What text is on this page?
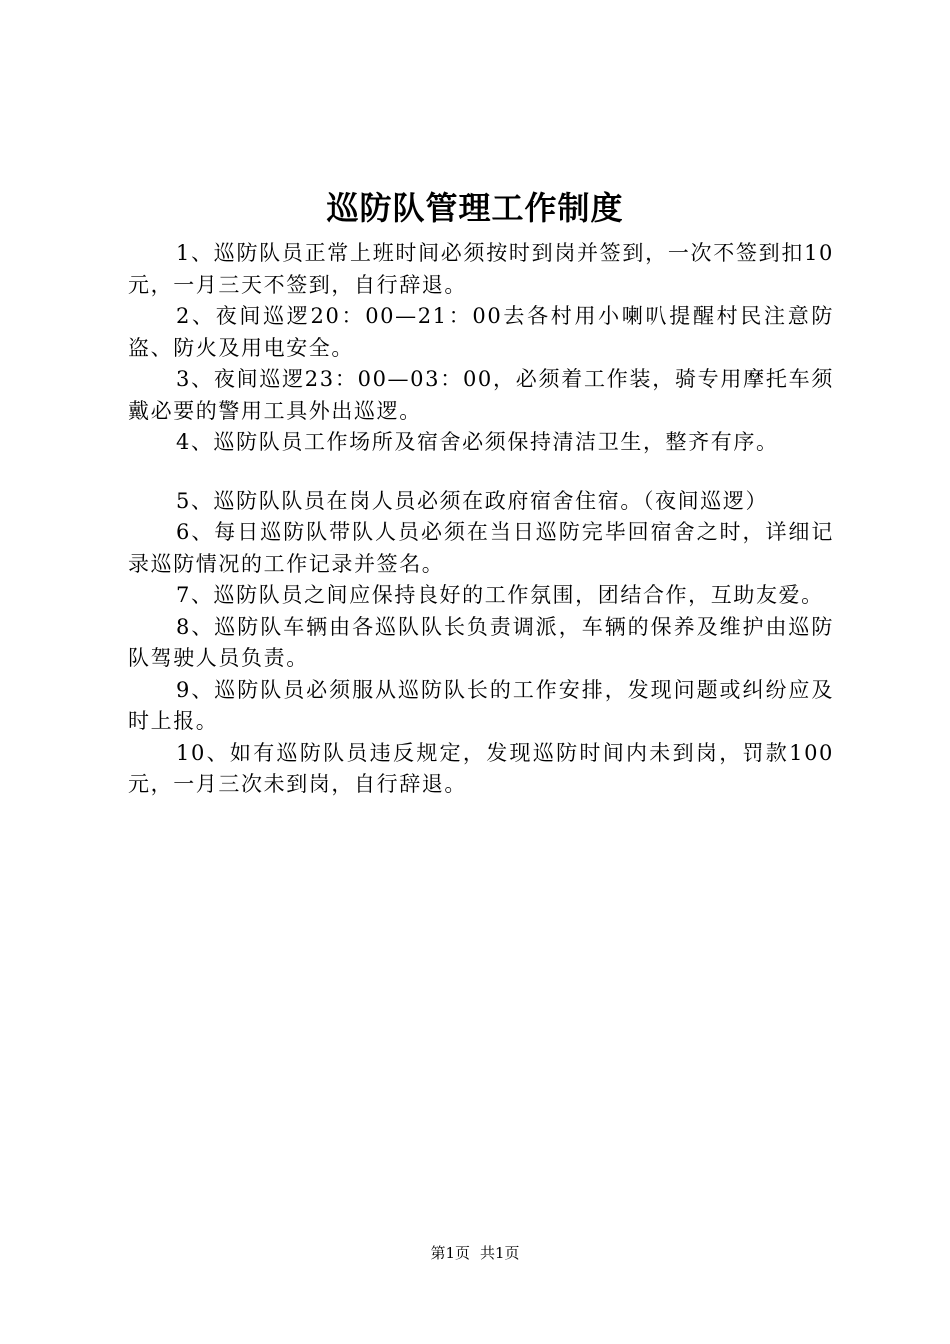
巡防队管理工作制度

1、巡防队员正常上班时间必须按时到岗并签到，一次不签到扣10元，一月三天不签到，自行辞退。

2、夜间巡逻20：00—21：00去各村用小喇叭提醒村民注意防盗、防火及用电安全。

3、夜间巡逻23：00—03：00，必须着工作装，骑专用摩托车须戴必要的警用工具外出巡逻。

4、巡防队员工作场所及宿舍必须保持清洁卫生，整齐有序。

5、巡防队队员在岗人员必须在政府宿舍住宿。（夜间巡逻）

6、每日巡防队带队人员必须在当日巡防完毕回宿舍之时，详细记录巡防情况的工作记录并签名。

7、巡防队员之间应保持良好的工作氛围，团结合作，互助友爱。

8、巡防队车辆由各巡队队长负责调派，车辆的保养及维护由巡防队驾驶人员负责。

9、巡防队员必须服从巡防队长的工作安排，发现问题或纠纷应及时上报。

10、如有巡防队员违反规定，发现巡防时间内未到岗，罚款100元，一月三次未到岗，自行辞退。

第1页 共1页
